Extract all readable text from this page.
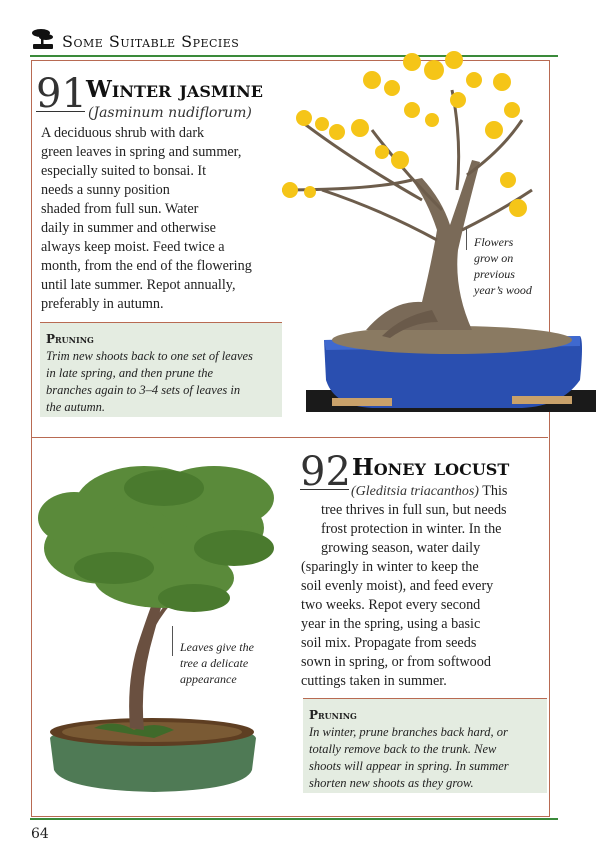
Some Suitable Species
91 Winter jasmine
(Jasminum nudiflorum)
A deciduous shrub with dark
green leaves in spring and summer,
especially suited to bonsai. It
needs a sunny position
shaded from full sun. Water
daily in summer and otherwise
always keep moist. Feed twice a
month, from the end of the flowering
until late summer. Repot annually,
preferably in autumn.
Pruning
Trim new shoots back to one set of leaves
in late spring, and then prune the
branches again to 3–4 sets of leaves in
the autumn.
Flowers
grow on
previous
year’s wood
92 Honey locust
(Gleditsia triacanthos) This
tree thrives in full sun, but needs
frost protection in winter. In the
growing season, water daily
(sparingly in winter to keep the
soil evenly moist), and feed every
two weeks. Repot every second
year in the spring, using a basic
soil mix. Propagate from seeds
sown in spring, or from softwood
cuttings taken in summer.
Pruning
In winter, prune branches back hard, or
totally remove back to the trunk. New
shoots will appear in spring. In summer
shorten new shoots as they grow.
Leaves give the
tree a delicate
appearance
64
